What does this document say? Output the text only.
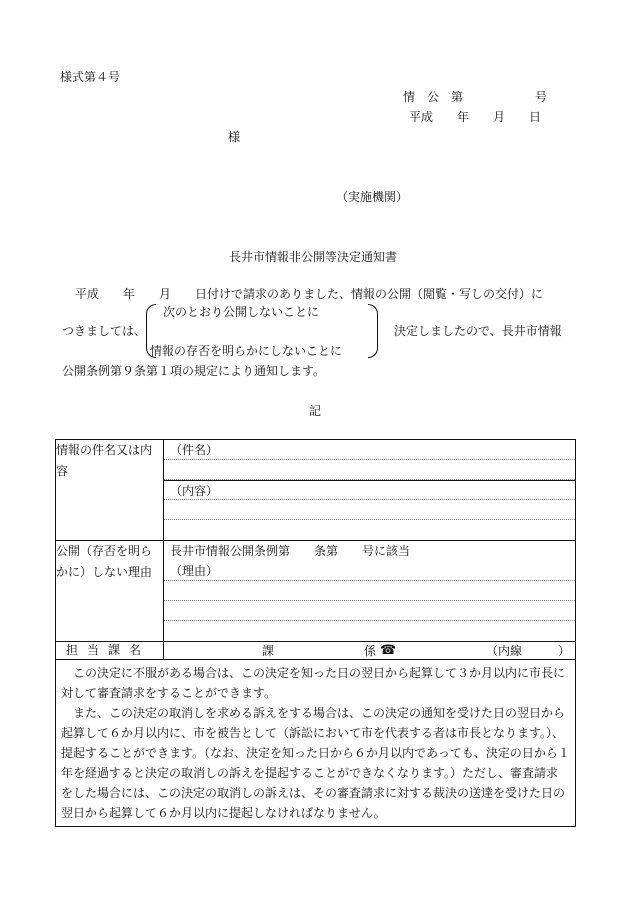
様式第４号
情　公　第　　　　　　号
平成　　年　　月　　日
様
（実施機関）
長井市情報非公開等決定通知書
平成　　年　　月　　日付けで請求のありました、情報の公開（閲覧・写しの交付）に
つきましては、
次のとおり公開しないことに
情報の存否を明らかにしないことに
決定しましたので、長井市情報
公開条例第９条第１項の規定により通知します。
記
情報の件名又は内容	（件名）
（内容）

公開（存否を明らかに）しない理由	長井市情報公開条例第　　条第　　号に該当
（理由）

担当課名	課 係 ☎ （内線　　　）

この決定に不服がある場合は、この決定を知った日の翌日から起算して３か月以内に市長に対して審査請求をすることができます。

また、この決定の取消しを求める訴えをする場合は、この決定の通知を受けた日の翌日から起算して６か月以内に、市を被告として（訴訟において市を代表する者は市長となります。）、提起することができます。（なお、決定を知った日から６か月以内であっても、決定の日から１年を経過すると決定の取消しの訴えを提起することができなくなります。）ただし、審査請求をした場合には、この決定の取消しの訴えは、その審査請求に対する裁決の送達を受けた日の翌日から起算して６か月以内に提起しなければなりません。	
